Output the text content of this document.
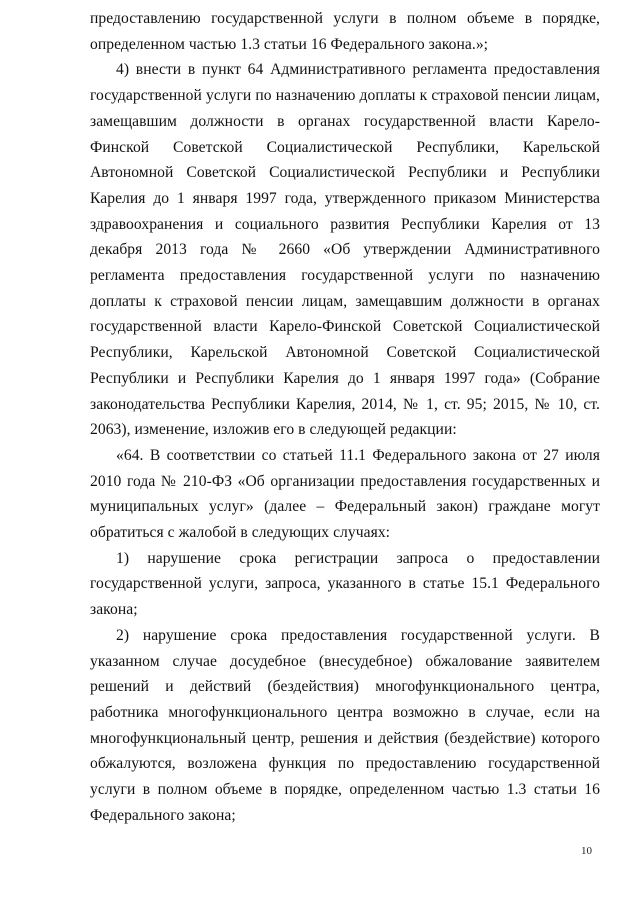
предоставлению государственной услуги в полном объеме в порядке, определенном частью 1.3 статьи 16 Федерального закона.»;

4) внести в пункт 64 Административного регламента предоставления государственной услуги по назначению доплаты к страховой пенсии лицам, замещавшим должности в органах государственной власти Карело-Финской Советской Социалистической Республики, Карельской Автономной Советской Социалистической Республики и Республики Карелия до 1 января 1997 года, утвержденного приказом Министерства здравоохранения и социального развития Республики Карелия от 13 декабря 2013 года № 2660 «Об утверждении Административного регламента предоставления государственной услуги по назначению доплаты к страховой пенсии лицам, замещавшим должности в органах государственной власти Карело-Финской Советской Социалистической Республики, Карельской Автономной Советской Социалистической Республики и Республики Карелия до 1 января 1997 года» (Собрание законодательства Республики Карелия, 2014, № 1, ст. 95; 2015, № 10, ст. 2063), изменение, изложив его в следующей редакции:

«64. В соответствии со статьей 11.1 Федерального закона от 27 июля 2010 года № 210-ФЗ «Об организации предоставления государственных и муниципальных услуг» (далее – Федеральный закон) граждане могут обратиться с жалобой в следующих случаях:

1) нарушение срока регистрации запроса о предоставлении государственной услуги, запроса, указанного в статье 15.1 Федерального закона;

2) нарушение срока предоставления государственной услуги. В указанном случае досудебное (внесудебное) обжалование заявителем решений и действий (бездействия) многофункционального центра, работника многофункционального центра возможно в случае, если на многофункциональный центр, решения и действия (бездействие) которого обжалуются, возложена функция по предоставлению государственной услуги в полном объеме в порядке, определенном частью 1.3 статьи 16 Федерального закона;

10
